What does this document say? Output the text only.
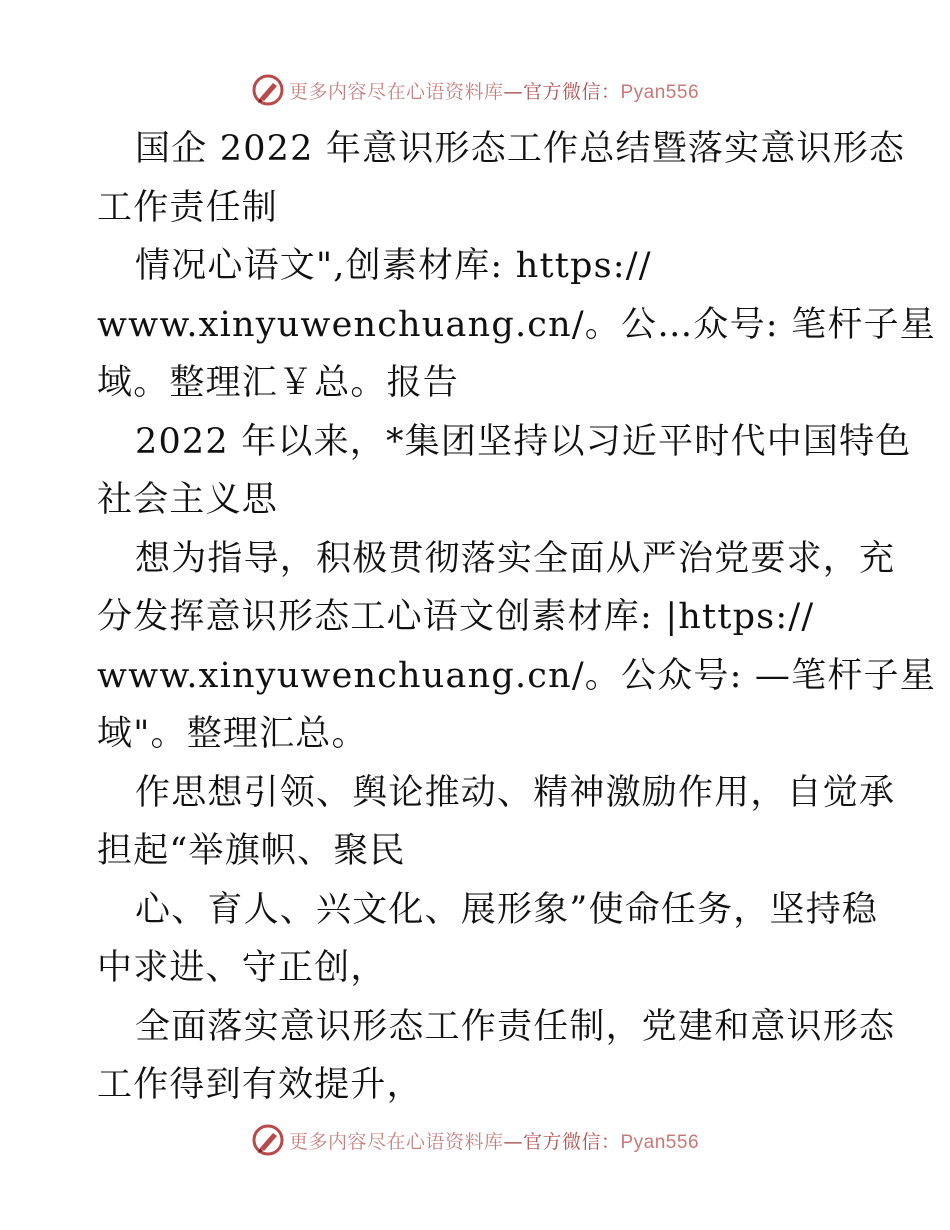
更多内容尽在心语资料库—官方微信：Pyan556
国企 2022 年意识形态工作总结暨落实意识形态
工作责任制
情况心语文",创素材库: https://
www.xinyuwenchuang.cn/。公…众号: 笔杆子星
域。整理汇￥总。报告
2022 年以来，*集团坚持以习近平时代中国特色
社会主义思
想为指导，积极贯彻落实全面从严治党要求，充
分发挥意识形态工心语文创素材库: |https://
www.xinyuwenchuang.cn/。公众号: —笔杆子星
域"。整理汇总。
作思想引领、舆论推动、精神激励作用，自觉承
担起“举旗帜、聚民
心、育人、兴文化、展形象”使命任务，坚持稳
中求进、守正创，
全面落实意识形态工作责任制，党建和意识形态
工作得到有效提升，
更多内容尽在心语资料库—官方微信：Pyan556
